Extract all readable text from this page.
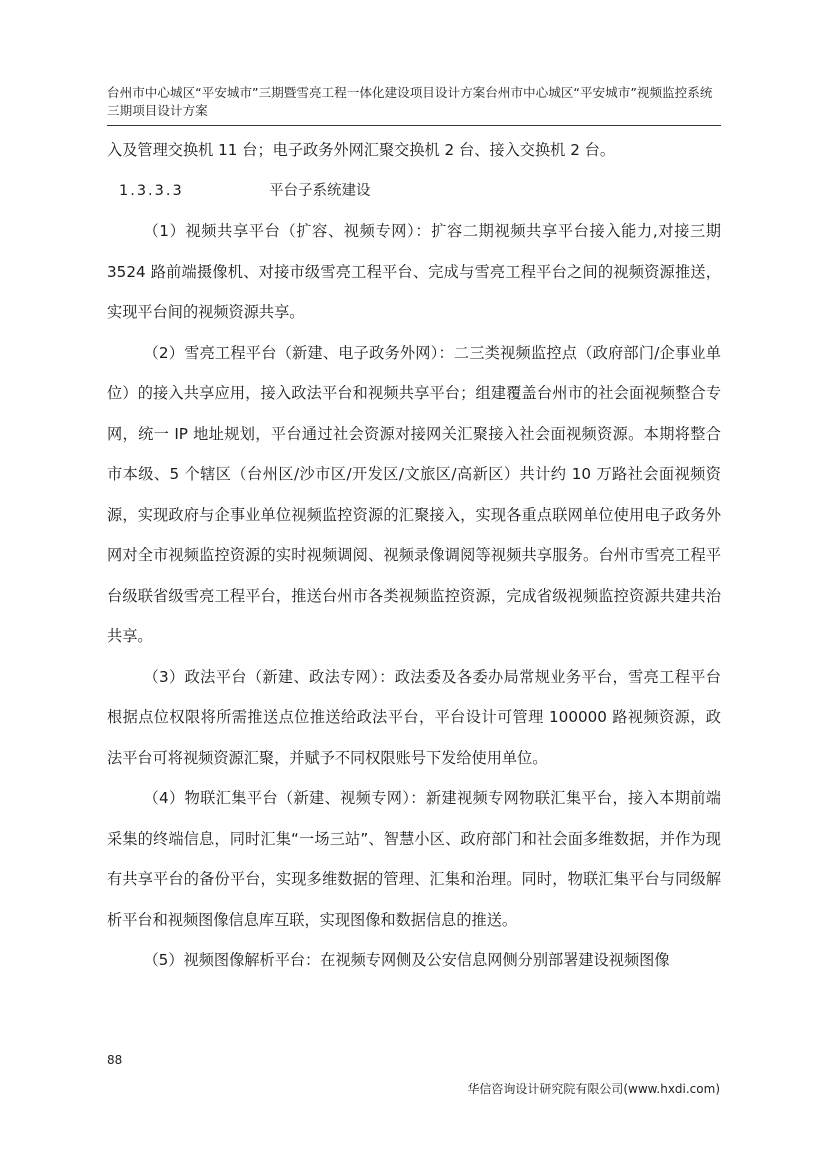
台州市中心城区“平安城市”三期暨雪亮工程一体化建设项目设计方案台州市中心城区“平安城市”视频监控系统三期项目设计方案

入及管理交换机 11 台；电子政务外网汇聚交换机 2 台、接入交换机 2 台。

1.3.3.3	平台子系统建设

（1）视频共享平台（扩容、视频专网）：扩容二期视频共享平台接入能力,对接三期 3524 路前端摄像机、对接市级雪亮工程平台、完成与雪亮工程平台之间的视频资源推送，实现平台间的视频资源共享。

（2）雪亮工程平台（新建、电子政务外网）：二三类视频监控点（政府部门/企事业单位）的接入共享应用，接入政法平台和视频共享平台；组建覆盖台州市的社会面视频整合专网，统一 IP 地址规划，平台通过社会资源对接网关汇聚接入社会面视频资源。本期将整合市本级、5 个辖区（台州区/沙市区/开发区/文旅区/高新区）共计约 10 万路社会面视频资源，实现政府与企事业单位视频监控资源的汇聚接入，实现各重点联网单位使用电子政务外网对全市视频监控资源的实时视频调阅、视频录像调阅等视频共享服务。台州市雪亮工程平台级联省级雪亮工程平台，推送台州市各类视频监控资源，完成省级视频监控资源共建共治共享。

（3）政法平台（新建、政法专网）：政法委及各委办局常规业务平台，雪亮工程平台根据点位权限将所需推送点位推送给政法平台，平台设计可管理 100000 路视频资源，政法平台可将视频资源汇聚，并赋予不同权限账号下发给使用单位。

（4）物联汇集平台（新建、视频专网）：新建视频专网物联汇集平台，接入本期前端采集的终端信息，同时汇集“一场三站”、智慧小区、政府部门和社会面多维数据，并作为现有共享平台的备份平台，实现多维数据的管理、汇集和治理。同时，物联汇集平台与同级解析平台和视频图像信息库互联，实现图像和数据信息的推送。

（5）视频图像解析平台：在视频专网侧及公安信息网侧分别部署建设视频图像

88
华信咨询设计研究院有限公司(www.hxdi.com)
